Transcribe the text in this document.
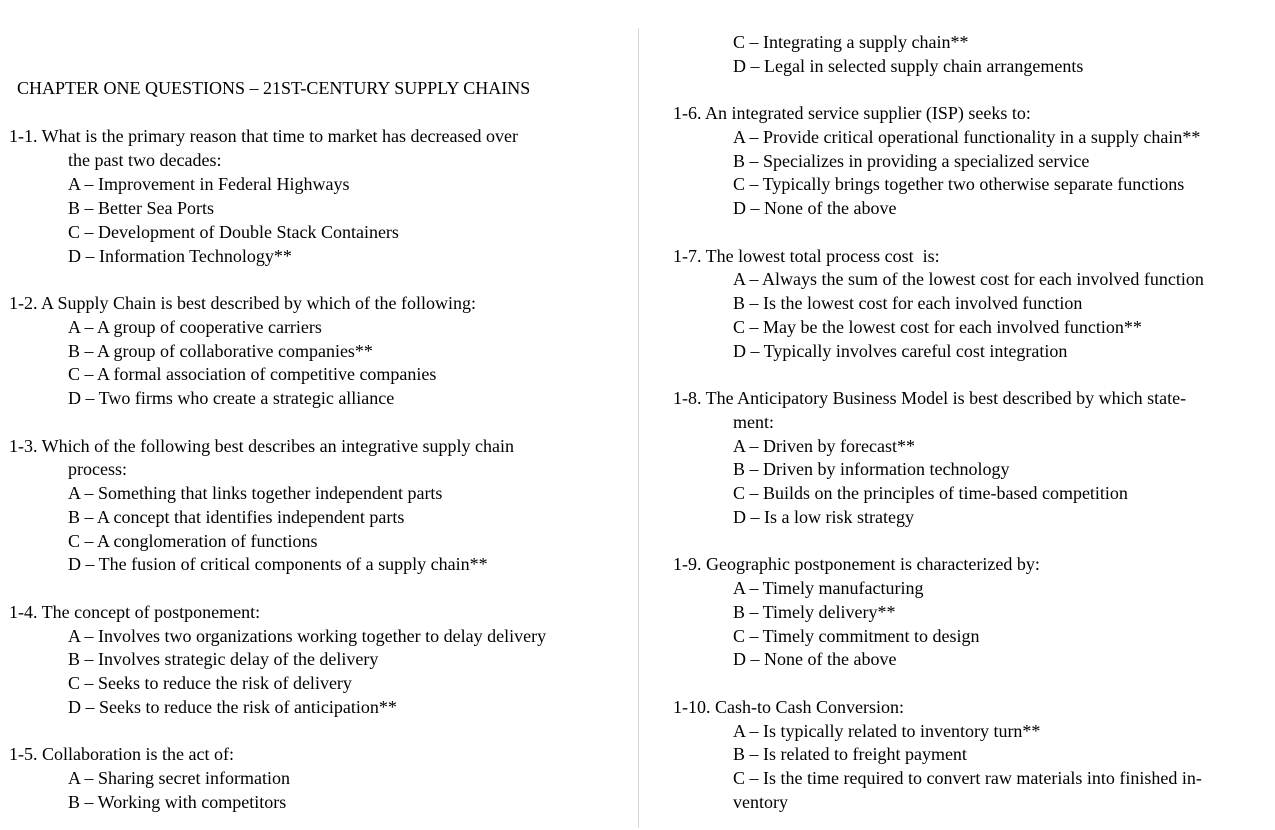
CHAPTER ONE QUESTIONS – 21ST-CENTURY SUPPLY CHAINS
1-1. What is the primary reason that time to market has decreased over
the past two decades:
A – Improvement in Federal Highways
B – Better Sea Ports
C – Development of Double Stack Containers
D – Information Technology**
1-2. A Supply Chain is best described by which of the following:
A – A group of cooperative carriers
B – A group of collaborative companies**
C – A formal association of competitive companies
D – Two firms who create a strategic alliance
1-3. Which of the following best describes an integrative supply chain
process:
A – Something that links together independent parts
B – A concept that identifies independent parts
C – A conglomeration of functions
D – The fusion of critical components of a supply chain**
1-4. The concept of postponement:
A – Involves two organizations working together to delay delivery
B – Involves strategic delay of the delivery
C – Seeks to reduce the risk of delivery
D – Seeks to reduce the risk of anticipation**
1-5. Collaboration is the act of:
A – Sharing secret information
B – Working with competitors
C – Integrating a supply chain**
D – Legal in selected supply chain arrangements
1-6. An integrated service supplier (ISP) seeks to:
A – Provide critical operational functionality in a supply chain**
B – Specializes in providing a specialized service
C – Typically brings together two otherwise separate functions
D – None of the above
1-7. The lowest total process cost  is:
A – Always the sum of the lowest cost for each involved function
B – Is the lowest cost for each involved function
C – May be the lowest cost for each involved function**
D – Typically involves careful cost integration
1-8. The Anticipatory Business Model is best described by which state-
ment:
A – Driven by forecast**
B – Driven by information technology
C – Builds on the principles of time-based competition
D – Is a low risk strategy
1-9. Geographic postponement is characterized by:
A – Timely manufacturing
B – Timely delivery**
C – Timely commitment to design
D – None of the above
1-10. Cash-to Cash Conversion:
A – Is typically related to inventory turn**
B – Is related to freight payment
C – Is the time required to convert raw materials into finished in-
ventory
